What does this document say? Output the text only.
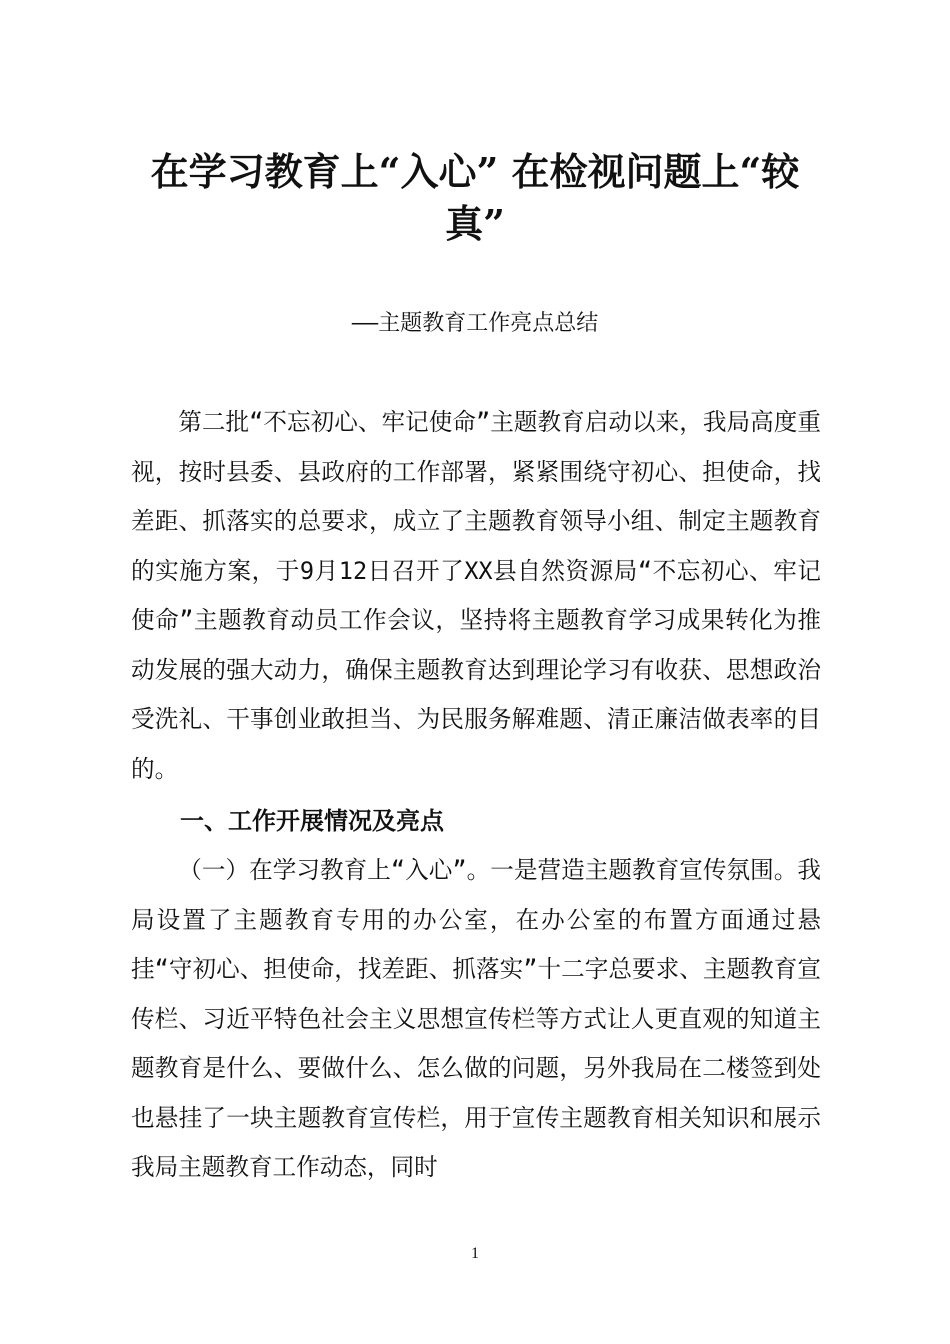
在学习教育上“入心” 在检视问题上“较真”

——主题教育工作亮点总结

第二批“不忘初心、牢记使命”主题教育启动以来，我局高度重视，按时县委、县政府的工作部署，紧紧围绕守初心、担使命，找差距、抓落实的总要求，成立了主题教育领导小组、制定主题教育的实施方案，于9月12日召开了XX县自然资源局“不忘初心、牢记使命”主题教育动员工作会议，坚持将主题教育学习成果转化为推动发展的强大动力，确保主题教育达到理论学习有收获、思想政治受洗礼、干事创业敢担当、为民服务解难题、清正廉洁做表率的目的。

一、工作开展情况及亮点

（一）在学习教育上“入心”。一是营造主题教育宣传氛围。我局设置了主题教育专用的办公室，在办公室的布置方面通过悬挂“守初心、担使命，找差距、抓落实”十二字总要求、主题教育宣传栏、习近平特色社会主义思想宣传栏等方式让人更直观的知道主题教育是什么、要做什么、怎么做的问题，另外我局在二楼签到处也悬挂了一块主题教育宣传栏，用于宣传主题教育相关知识和展示我局主题教育工作动态，同时

1
